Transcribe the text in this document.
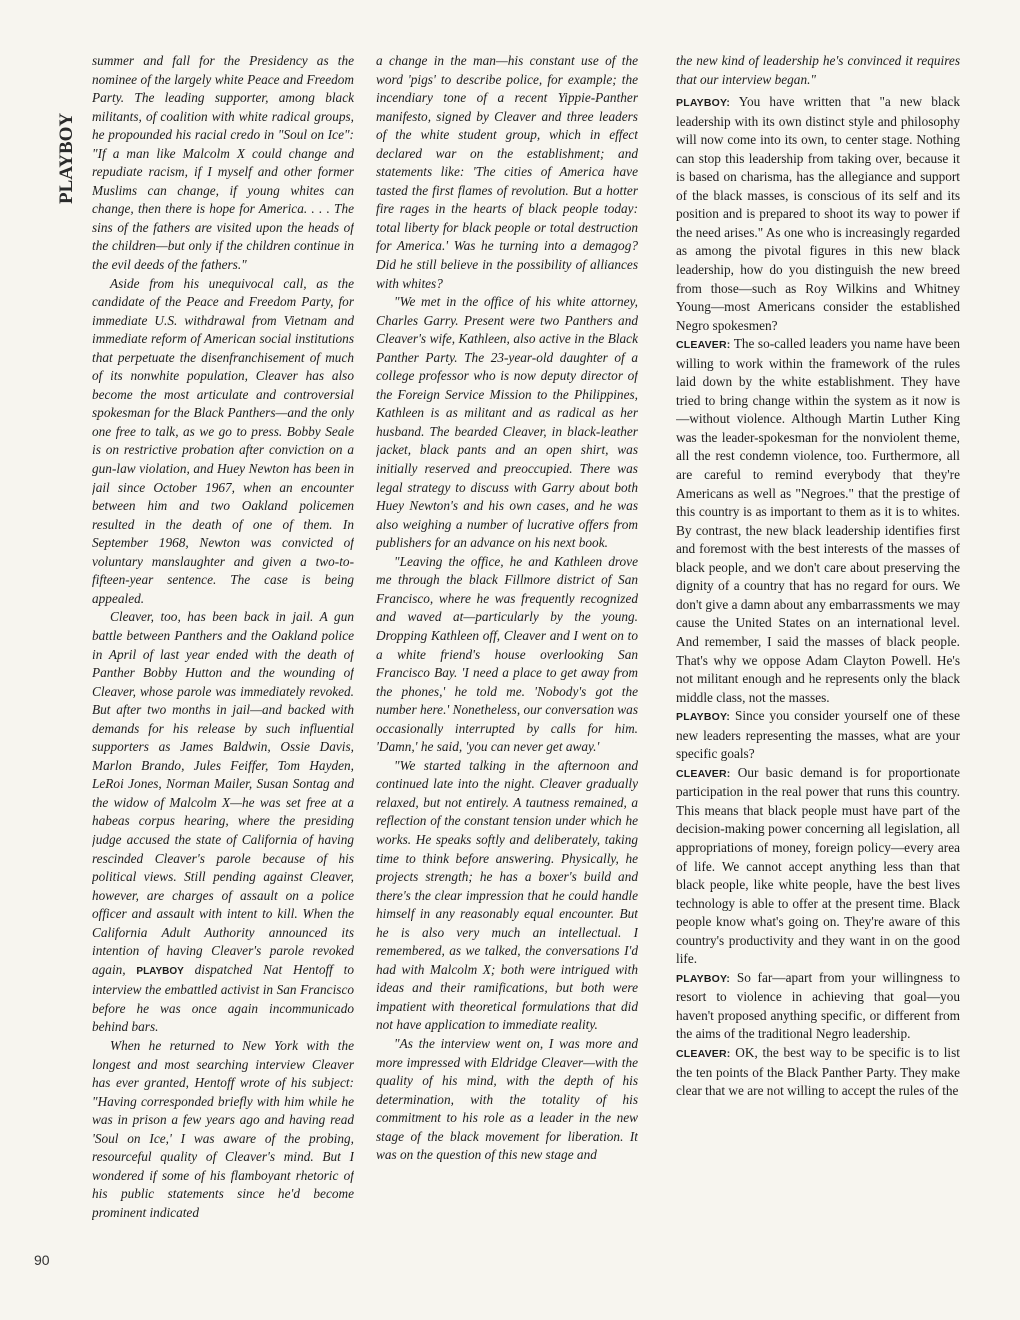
PLAYBOY
90

summer and fall for the Presidency as the nominee of the largely white Peace and Freedom Party. The leading supporter, among black militants, of coalition with white radical groups, he propounded his racial credo in "Soul on Ice": "If a man like Malcolm X could change and repudiate racism, if I myself and other former Muslims can change, if young whites can change, then there is hope for America. . . . The sins of the fathers are visited upon the heads of the children—but only if the children continue in the evil deeds of the fathers."

Aside from his unequivocal call, as the candidate of the Peace and Freedom Party, for immediate U.S. withdrawal from Vietnam and immediate reform of American social institutions that perpetuate the disenfranchisement of much of its nonwhite population, Cleaver has also become the most articulate and controversial spokesman for the Black Panthers—and the only one free to talk, as we go to press. Bobby Seale is on restrictive probation after conviction on a gun-law violation, and Huey Newton has been in jail since October 1967, when an encounter between him and two Oakland policemen resulted in the death of one of them. In September 1968, Newton was convicted of voluntary manslaughter and given a two-to-fifteen-year sentence. The case is being appealed.

Cleaver, too, has been back in jail. A gun battle between Panthers and the Oakland police in April of last year ended with the death of Panther Bobby Hutton and the wounding of Cleaver, whose parole was immediately revoked. But after two months in jail—and backed with demands for his release by such influential supporters as James Baldwin, Ossie Davis, Marlon Brando, Jules Feiffer, Tom Hayden, LeRoi Jones, Norman Mailer, Susan Sontag and the widow of Malcolm X—he was set free at a habeas corpus hearing, where the presiding judge accused the state of California of having rescinded Cleaver's parole because of his political views. Still pending against Cleaver, however, are charges of assault on a police officer and assault with intent to kill. When the California Adult Authority announced its intention of having Cleaver's parole revoked again, PLAYBOY dispatched Nat Hentoff to interview the embattled activist in San Francisco before he was once again incommunicado behind bars.

When he returned to New York with the longest and most searching interview Cleaver has ever granted, Hentoff wrote of his subject: "Having corresponded briefly with him while he was in prison a few years ago and having read 'Soul on Ice,' I was aware of the probing, resourceful quality of Cleaver's mind. But I wondered if some of his flamboyant rhetoric of his public statements since he'd become prominent indicated

a change in the man—his constant use of the word 'pigs' to describe police, for example; the incendiary tone of a recent Yippie-Panther manifesto, signed by Cleaver and three leaders of the white student group, which in effect declared war on the establishment; and statements like: 'The cities of America have tasted the first flames of revolution. But a hotter fire rages in the hearts of black people today: total liberty for black people or total destruction for America.' Was he turning into a demagog? Did he still believe in the possibility of alliances with whites?

"We met in the office of his white attorney, Charles Garry. Present were two Panthers and Cleaver's wife, Kathleen, also active in the Black Panther Party. The 23-year-old daughter of a college professor who is now deputy director of the Foreign Service Mission to the Philippines, Kathleen is as militant and as radical as her husband. The bearded Cleaver, in black-leather jacket, black pants and an open shirt, was initially reserved and preoccupied. There was legal strategy to discuss with Garry about both Huey Newton's and his own cases, and he was also weighing a number of lucrative offers from publishers for an advance on his next book.

"Leaving the office, he and Kathleen drove me through the black Fillmore district of San Francisco, where he was frequently recognized and waved at—particularly by the young. Dropping Kathleen off, Cleaver and I went on to a white friend's house overlooking San Francisco Bay. 'I need a place to get away from the phones,' he told me. 'Nobody's got the number here.' Nonetheless, our conversation was occasionally interrupted by calls for him. 'Damn,' he said, 'you can never get away.'

"We started talking in the afternoon and continued late into the night. Cleaver gradually relaxed, but not entirely. A tautness remained, a reflection of the constant tension under which he works. He speaks softly and deliberately, taking time to think before answering. Physically, he projects strength; he has a boxer's build and there's the clear impression that he could handle himself in any reasonably equal encounter. But he is also very much an intellectual. I remembered, as we talked, the conversations I'd had with Malcolm X; both were intrigued with ideas and their ramifications, but both were impatient with theoretical formulations that did not have application to immediate reality.

"As the interview went on, I was more and more impressed with Eldridge Cleaver—with the quality of his mind, with the depth of his determination, with the totality of his commitment to his role as a leader in the new stage of the black movement for liberation. It was on the question of this new stage and

the new kind of leadership he's convinced it requires that our interview began."

PLAYBOY: You have written that "a new black leadership with its own distinct style and philosophy will now come into its own, to center stage. Nothing can stop this leadership from taking over, because it is based on charisma, has the allegiance and support of the black masses, is conscious of its self and its position and is prepared to shoot its way to power if the need arises." As one who is increasingly regarded as among the pivotal figures in this new black leadership, how do you distinguish the new breed from those—such as Roy Wilkins and Whitney Young—most Americans consider the established Negro spokesmen?

CLEAVER: The so-called leaders you name have been willing to work within the framework of the rules laid down by the white establishment. They have tried to bring change within the system as it now is—without violence. Although Martin Luther King was the leader-spokesman for the nonviolent theme, all the rest condemn violence, too. Furthermore, all are careful to remind everybody that they're Americans as well as "Negroes." that the prestige of this country is as important to them as it is to whites. By contrast, the new black leadership identifies first and foremost with the best interests of the masses of black people, and we don't care about preserving the dignity of a country that has no regard for ours. We don't give a damn about any embarrassments we may cause the United States on an international level. And remember, I said the masses of black people. That's why we oppose Adam Clayton Powell. He's not militant enough and he represents only the black middle class, not the masses.

PLAYBOY: Since you consider yourself one of these new leaders representing the masses, what are your specific goals?

CLEAVER: Our basic demand is for proportionate participation in the real power that runs this country. This means that black people must have part of the decision-making power concerning all legislation, all appropriations of money, foreign policy—every area of life. We cannot accept anything less than that black people, like white people, have the best lives technology is able to offer at the present time. Black people know what's going on. They're aware of this country's productivity and they want in on the good life.

PLAYBOY: So far—apart from your willingness to resort to violence in achieving that goal—you haven't proposed anything specific, or different from the aims of the traditional Negro leadership.

CLEAVER: OK, the best way to be specific is to list the ten points of the Black Panther Party. They make clear that we are not willing to accept the rules of the
